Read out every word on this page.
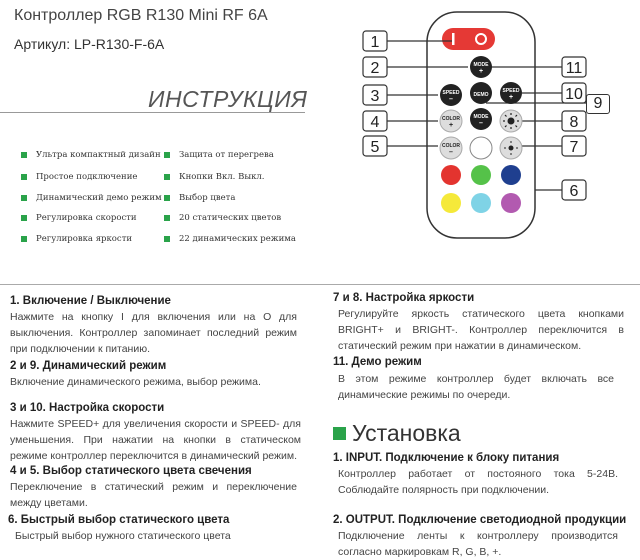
Контроллер RGB R130 Mini RF 6A
Артикул: LP-R130-F-6A
ИНСТРУКЦИЯ
Ультра компактный дизайн
Простое подключение
Динамический демо режим
Регулировка скорости
Регулировка яркости
Защита от перегрева
Кнопки Вкл. Выкл.
Выбор цвета
20 статических цветов
22 динамических режима
MODE
+
SPEED
–
DEMO
SPEED
+
COLOR
+
MODE
–
COLOR
–
1
2
3
4
5
11
10
8
7
6
9
1. Включение / Выключение
Нажмите на кнопку I для включения или на O для выключения. Контроллер запоминает последний режим при подключении к питанию.
2 и 9. Динамический режим
Включение динамического режима, выбор режима.
3 и 10. Настройка скорости
Нажмите SPEED+ для увеличения скорости и SPEED- для уменьшения. При нажатии на кнопки в статическом режиме контроллер переключится в динамический режим.
4 и 5. Выбор статического цвета свечения
Переключение в статический режим и переключение между цветами.
6. Быстрый выбор статического цвета
Быстрый выбор нужного статического цвета
7 и 8. Настройка яркости
Регулируйте яркость статического цвета кнопками BRIGHT+ и BRIGHT-. Контроллер переключится в статический режим при нажатии в динамическом.
11. Демо режим
В этом режиме контроллер будет включать все динамические режимы по очереди.
Установка
1. INPUT. Подключение к блоку питания
Контроллер работает от постояного тока 5-24В. Соблюдайте полярность при подключении.
2. OUTPUT. Подключение светодиодной продукции
Подключение ленты к контроллеру производится согласно маркировкам R, G, B, +.
